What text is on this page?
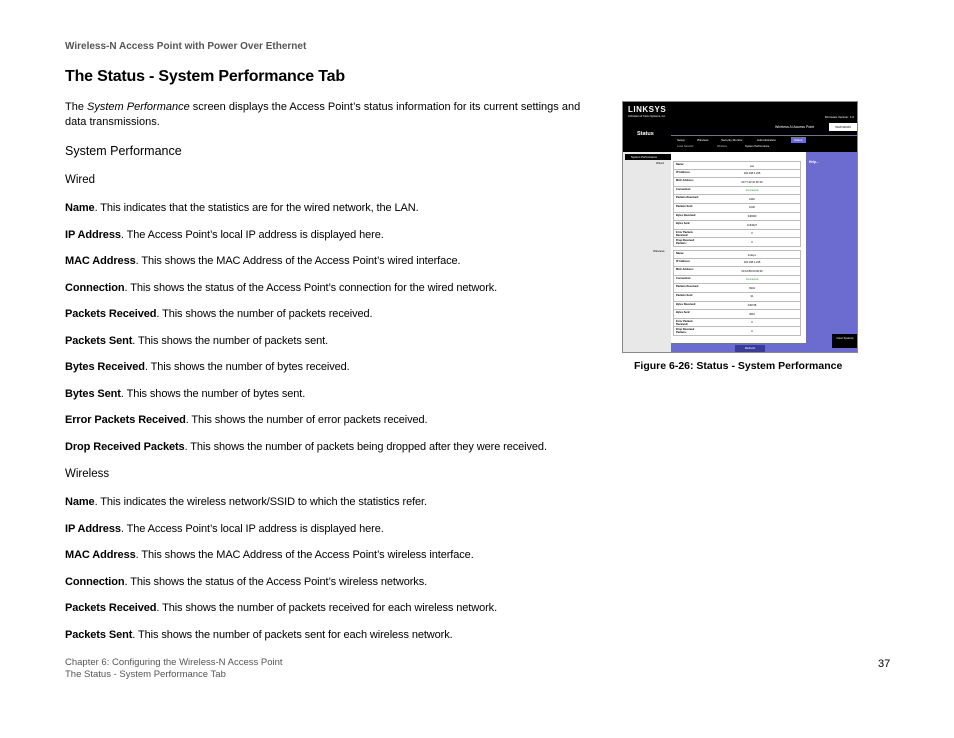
Wireless-N Access Point with Power Over Ethernet
The Status - System Performance Tab
The System Performance screen displays the Access Point’s status information for its current settings and data transmissions.
System Performance
Wired
Name. This indicates that the statistics are for the wired network, the LAN.
IP Address. The Access Point’s local IP address is displayed here.
MAC Address. This shows the MAC Address of the Access Point’s wired interface.
Connection. This shows the status of the Access Point’s connection for the wired network.
Packets Received. This shows the number of packets received.
Packets Sent. This shows the number of packets sent.
Bytes Received. This shows the number of bytes received.
Bytes Sent. This shows the number of bytes sent.
Error Packets Received. This shows the number of error packets received.
Drop Received Packets. This shows the number of packets being dropped after they were received.
Wireless
Name. This indicates the wireless network/SSID to which the statistics refer.
IP Address. The Access Point’s local IP address is displayed here.
MAC Address. This shows the MAC Address of the Access Point’s wireless interface.
Connection. This shows the status of the Access Point’s wireless networks.
Packets Received. This shows the number of packets received for each wireless network.
Packets Sent. This shows the number of packets sent for each wireless network.
LINKSYS
A Division of Cisco Systems, Inc.	Firmware Version: 1.0
Status
Wireless-N Access Point	WAP4400N
Setup	Wireless	Security Monitor	Administration	Status
Local Network	Wireless	System Performance
System Performance
Wired
Wireless
Help...
Cisco Systems
Name:	Lan
IP Address:	192.168.1.245
MAC Address:	00:77:22:10:FF:00
Connection:	Connected
Packets Received:	2462
Packets Sent:	1036
Bytes Received:	346000
Bytes Sent:	1164627
Error Packets Received:	0
Drop Received Packets:	0
Name:	linksys
IP Address:	192.168.1.245
MAC Address:	00:16:B6:00:00:00
Connection:	Connected
Packets Received:	6944
Packets Sent:	91
Bytes Received:	446728
Bytes Sent:	3916
Error Packets Received:	0
Drop Received Packets:	0
Refresh
Figure 6-26: Status - System Performance
Chapter 6: Configuring the Wireless-N Access Point
The Status - System Performance Tab
37
